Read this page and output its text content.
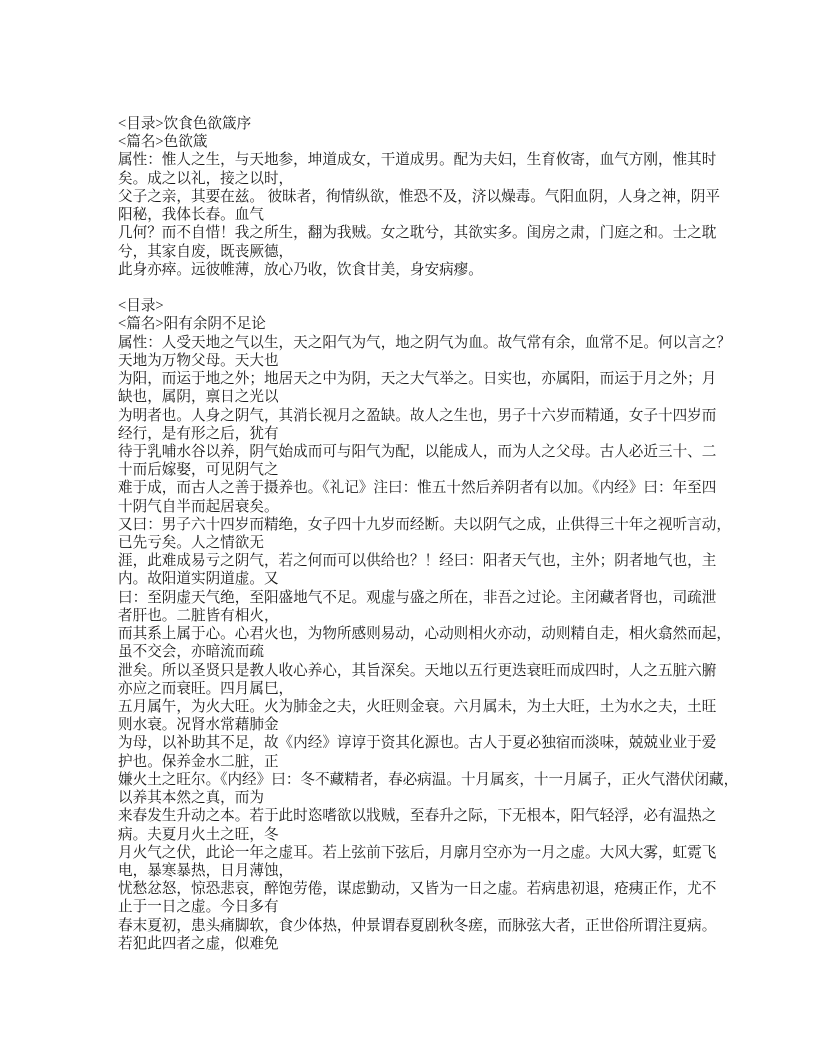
<目录>饮食色欲箴序
<篇名>色欲箴
属性：惟人之生，与天地参，坤道成女，干道成男。配为夫妇，生育攸寄，血气方刚，惟其时
矣。成之以礼，接之以时，
父子之亲，其要在兹。 彼昧者，徇情纵欲，惟恐不及，济以燥毒。气阳血阴，人身之神，阴平
阳秘，我体长春。血气
几何？而不自惜！我之所生，翻为我贼。女之耽兮，其欲实多。闺房之肃，门庭之和。士之耽
兮，其家自废，既丧厥德，
此身亦瘁。远彼帷薄，放心乃收，饮食甘美，身安病瘳。

<目录>
<篇名>阳有余阴不足论
属性：人受天地之气以生，天之阳气为气，地之阴气为血。故气常有余，血常不足。何以言之？
天地为万物父母。天大也
为阳，而运于地之外；地居天之中为阴，天之大气举之。日实也，亦属阳，而运于月之外；月
缺也，属阴，禀日之光以
为明者也。人身之阴气，其消长视月之盈缺。故人之生也，男子十六岁而精通，女子十四岁而
经行，是有形之后，犹有
待于乳哺水谷以养，阴气始成而可与阳气为配，以能成人，而为人之父母。古人必近三十、二
十而后嫁娶，可见阴气之
难于成，而古人之善于摄养也。《礼记》注曰：惟五十然后养阴者有以加。《内经》曰：年至四
十阴气自半而起居衰矣。
又曰：男子六十四岁而精绝，女子四十九岁而经断。夫以阴气之成，止供得三十年之视听言动，
已先亏矣。人之情欲无
涯，此难成易亏之阴气，若之何而可以供给也？！经曰：阳者天气也，主外；阴者地气也，主
内。故阳道实阴道虚。又
曰：至阴虚天气绝，至阳盛地气不足。观虚与盛之所在，非吾之过论。主闭藏者肾也，司疏泄
者肝也。二脏皆有相火，
而其系上属于心。心君火也，为物所感则易动，心动则相火亦动，动则精自走，相火翕然而起，
虽不交会，亦暗流而疏
泄矣。所以圣贤只是教人收心养心，其旨深矣。天地以五行更迭衰旺而成四时，人之五脏六腑
亦应之而衰旺。四月属巳，
五月属午，为火大旺。火为肺金之夫，火旺则金衰。六月属未，为土大旺，土为水之夫，土旺
则水衰。况肾水常藉肺金
为母，以补助其不足，故《内经》谆谆于资其化源也。古人于夏必独宿而淡味，兢兢业业于爱
护也。保养金水二脏，正
嫌火土之旺尔。《内经》曰：冬不藏精者，春必病温。十月属亥，十一月属子，正火气潜伏闭藏，
以养其本然之真，而为
来春发生升动之本。若于此时恣嗜欲以戕贼，至春升之际，下无根本，阳气轻浮，必有温热之
病。夫夏月火土之旺，冬
月火气之伏，此论一年之虚耳。若上弦前下弦后，月廓月空亦为一月之虚。大风大雾，虹霓飞
电，暴寒暴热，日月薄蚀，
忧愁忿怒，惊恐悲哀，醉饱劳倦，谋虑勤动，又皆为一日之虚。若病患初退，疮痍正作，尤不
止于一日之虚。今日多有
春末夏初，患头痛脚软，食少体热，仲景谓春夏剧秋冬瘥，而脉弦大者，正世俗所谓注夏病。
若犯此四者之虚，似难免
